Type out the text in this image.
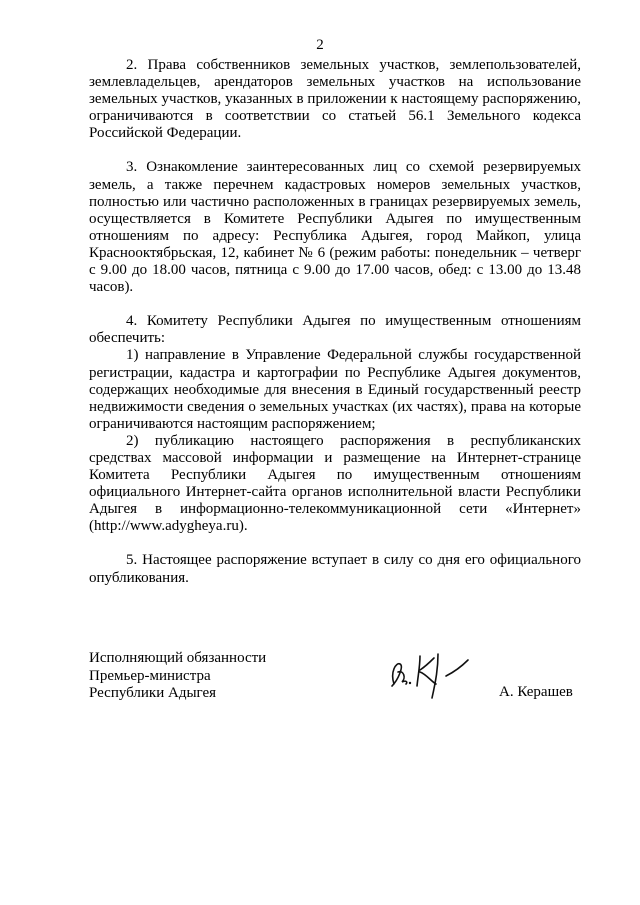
2

2. Права собственников земельных участков, землепользователей, землевладельцев, арендаторов земельных участков на использование земельных участков, указанных в приложении к настоящему распоряжению, ограничиваются в соответствии со статьей 56.1 Земельного кодекса Российской Федерации.

3. Ознакомление заинтересованных лиц со схемой резервируемых земель, а также перечнем кадастровых номеров земельных участков, полностью или частично расположенных в границах резервируемых земель, осуществляется в Комитете Республики Адыгея по имущественным отношениям по адресу: Республика Адыгея, город Майкоп, улица Краснооктябрьская, 12, кабинет № 6 (режим работы: понедельник – четверг с 9.00 до 18.00 часов, пятница с 9.00 до 17.00 часов, обед: с 13.00 до 13.48 часов).

4. Комитету Республики Адыгея по имущественным отношениям обеспечить:

1) направление в Управление Федеральной службы государственной регистрации, кадастра и картографии по Республике Адыгея документов, содержащих необходимые для внесения в Единый государственный реестр недвижимости сведения о земельных участках (их частях), права на которые ограничиваются настоящим распоряжением;

2) публикацию настоящего распоряжения в республиканских средствах массовой информации и размещение на Интернет-странице Комитета Республики Адыгея по имущественным отношениям официального Интернет-сайта органов исполнительной власти Республики Адыгея в информационно-телекоммуникационной сети «Интернет» (http://www.adygheya.ru).

5. Настоящее распоряжение вступает в силу со дня его официального опубликования.

Исполняющий обязанности
Премьер-министра
Республики Адыгея	А. Керашев
